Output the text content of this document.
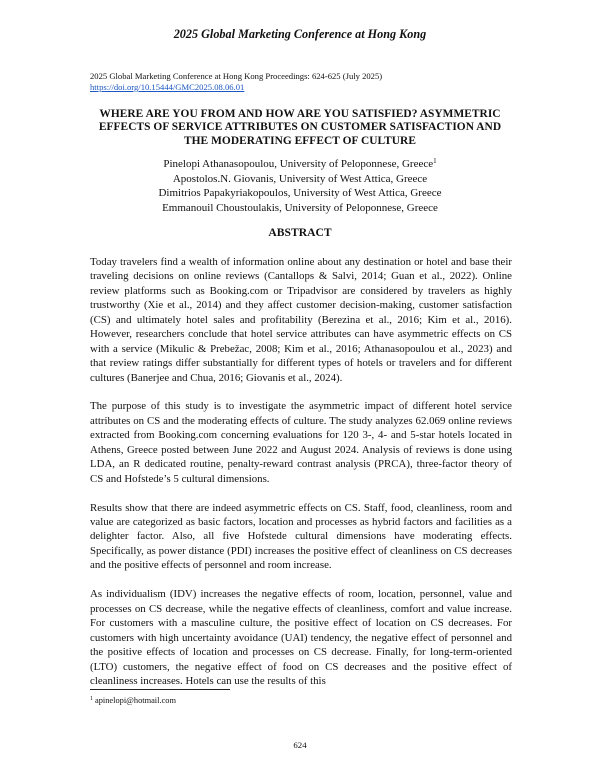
2025 Global Marketing Conference at Hong Kong
2025 Global Marketing Conference at Hong Kong Proceedings: 624-625 (July 2025)
https://doi.org/10.15444/GMC2025.08.06.01
WHERE ARE YOU FROM AND HOW ARE YOU SATISFIED? ASYMMETRIC
EFFECTS OF SERVICE ATTRIBUTES ON CUSTOMER SATISFACTION AND
THE MODERATING EFFECT OF CULTURE
Pinelopi Athanasopoulou, University of Peloponnese, Greece$^1$
Apostolos.N. Giovanis, University of West Attica, Greece
Dimitrios Papakyriakopoulos, University of West Attica, Greece
Emmanouil Choustoulakis, University of Peloponnese, Greece
ABSTRACT

Today travelers find a wealth of information online about any destination or hotel and base their traveling decisions on online reviews (Cantallops & Salvi, 2014; Guan et al., 2022). Online review platforms such as Booking.com or Tripadvisor are considered by travelers as highly trustworthy (Xie et al., 2014) and they affect customer decision-making, customer satisfaction (CS) and ultimately hotel sales and profitability (Berezina et al., 2016; Kim et al., 2016). However, researchers conclude that hotel service attributes can have asymmetric effects on CS with a service (Mikulic & Prebežac, 2008; Kim et al., 2016; Athanasopoulou et al., 2023) and that review ratings differ substantially for different types of hotels or travelers and for different cultures (Banerjee and Chua, 2016; Giovanis et al., 2024).

The purpose of this study is to investigate the asymmetric impact of different hotel service attributes on CS and the moderating effects of culture. The study analyzes 62.069 online reviews extracted from Booking.com concerning evaluations for 120 3-, 4- and 5-star hotels located in Athens, Greece posted between June 2022 and August 2024. Analysis of reviews is done using LDA, an R dedicated routine, penalty-reward contrast analysis (PRCA), three-factor theory of CS and Hofstede’s 5 cultural dimensions.

Results show that there are indeed asymmetric effects on CS. Staff, food, cleanliness, room and value are categorized as basic factors, location and processes as hybrid factors and facilities as a delighter factor. Also, all five Hofstede cultural dimensions have moderating effects. Specifically, as power distance (PDI) increases the positive effect of cleanliness on CS decreases and the positive effects of personnel and room increase.

As individualism (IDV) increases the negative effects of room, location, personnel, value and processes on CS decrease, while the negative effects of cleanliness, comfort and value increase. For customers with a masculine culture, the positive effect of location on CS decreases. For customers with high uncertainty avoidance (UAI) tendency, the negative effect of personnel and the positive effects of location and processes on CS decrease. Finally, for long-term-oriented (LTO) customers, the negative effect of food on CS decreases and the positive effect of cleanliness increases. Hotels can use the results of this

$^1$ apinelopi@hotmail.com
624
